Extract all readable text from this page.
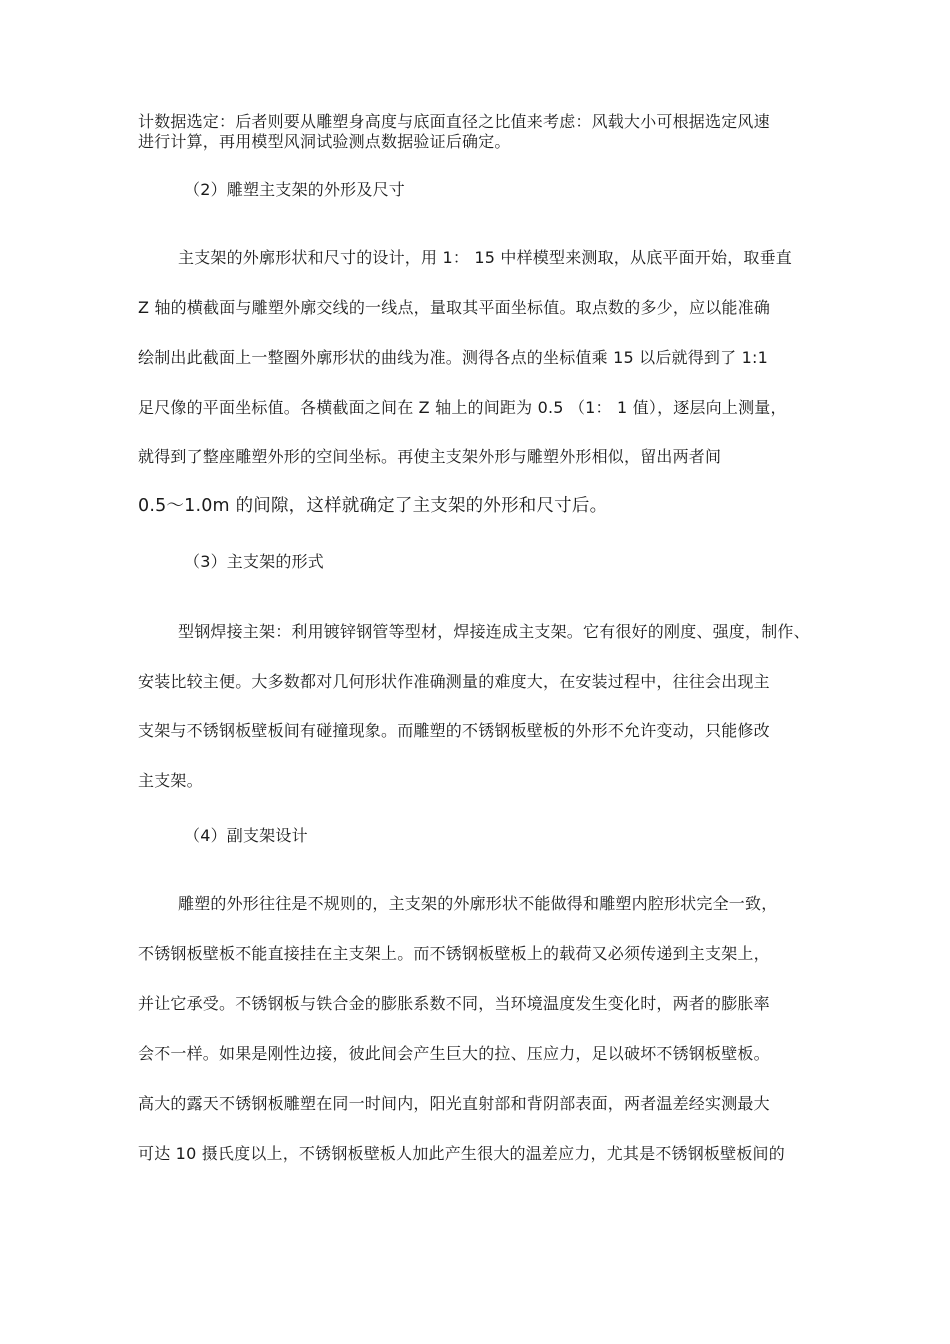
计数据选定：后者则要从雕塑身高度与底面直径之比值来考虑：风载大小可根据选定风速
进行计算，再用模型风洞试验测点数据验证后确定。
（2）雕塑主支架的外形及尺寸
主支架的外廓形状和尺寸的设计，用 1： 15 中样模型来测取，从底平面开始，取垂直
Z 轴的横截面与雕塑外廓交线的一线点，量取其平面坐标值。取点数的多少，应以能准确
绘制出此截面上一整圈外廓形状的曲线为准。测得各点的坐标值乘 15 以后就得到了 1:1
足尺像的平面坐标值。各横截面之间在 Z 轴上的间距为 0.5 （1： 1 值），逐层向上测量，
就得到了整座雕塑外形的空间坐标。再使主支架外形与雕塑外形相似，留出两者间
0.5～1.0m 的间隙，这样就确定了主支架的外形和尺寸后。
（3）主支架的形式
型钢焊接主架：利用镀锌钢管等型材，焊接连成主支架。它有很好的刚度、强度，制作、
安装比较主便。大多数都对几何形状作准确测量的难度大，在安装过程中，往往会出现主
支架与不锈钢板壁板间有碰撞现象。而雕塑的不锈钢板壁板的外形不允许变动，只能修改
主支架。
（4）副支架设计
雕塑的外形往往是不规则的，主支架的外廓形状不能做得和雕塑内腔形状完全一致，
不锈钢板壁板不能直接挂在主支架上。而不锈钢板壁板上的载荷又必须传递到主支架上，
并让它承受。不锈钢板与铁合金的膨胀系数不同，当环境温度发生变化时，两者的膨胀率
会不一样。如果是刚性边接，彼此间会产生巨大的拉、压应力，足以破坏不锈钢板壁板。
高大的露天不锈钢板雕塑在同一时间内，阳光直射部和背阴部表面，两者温差经实测最大
可达 10 摄氏度以上，不锈钢板壁板人加此产生很大的温差应力，尤其是不锈钢板壁板间的
